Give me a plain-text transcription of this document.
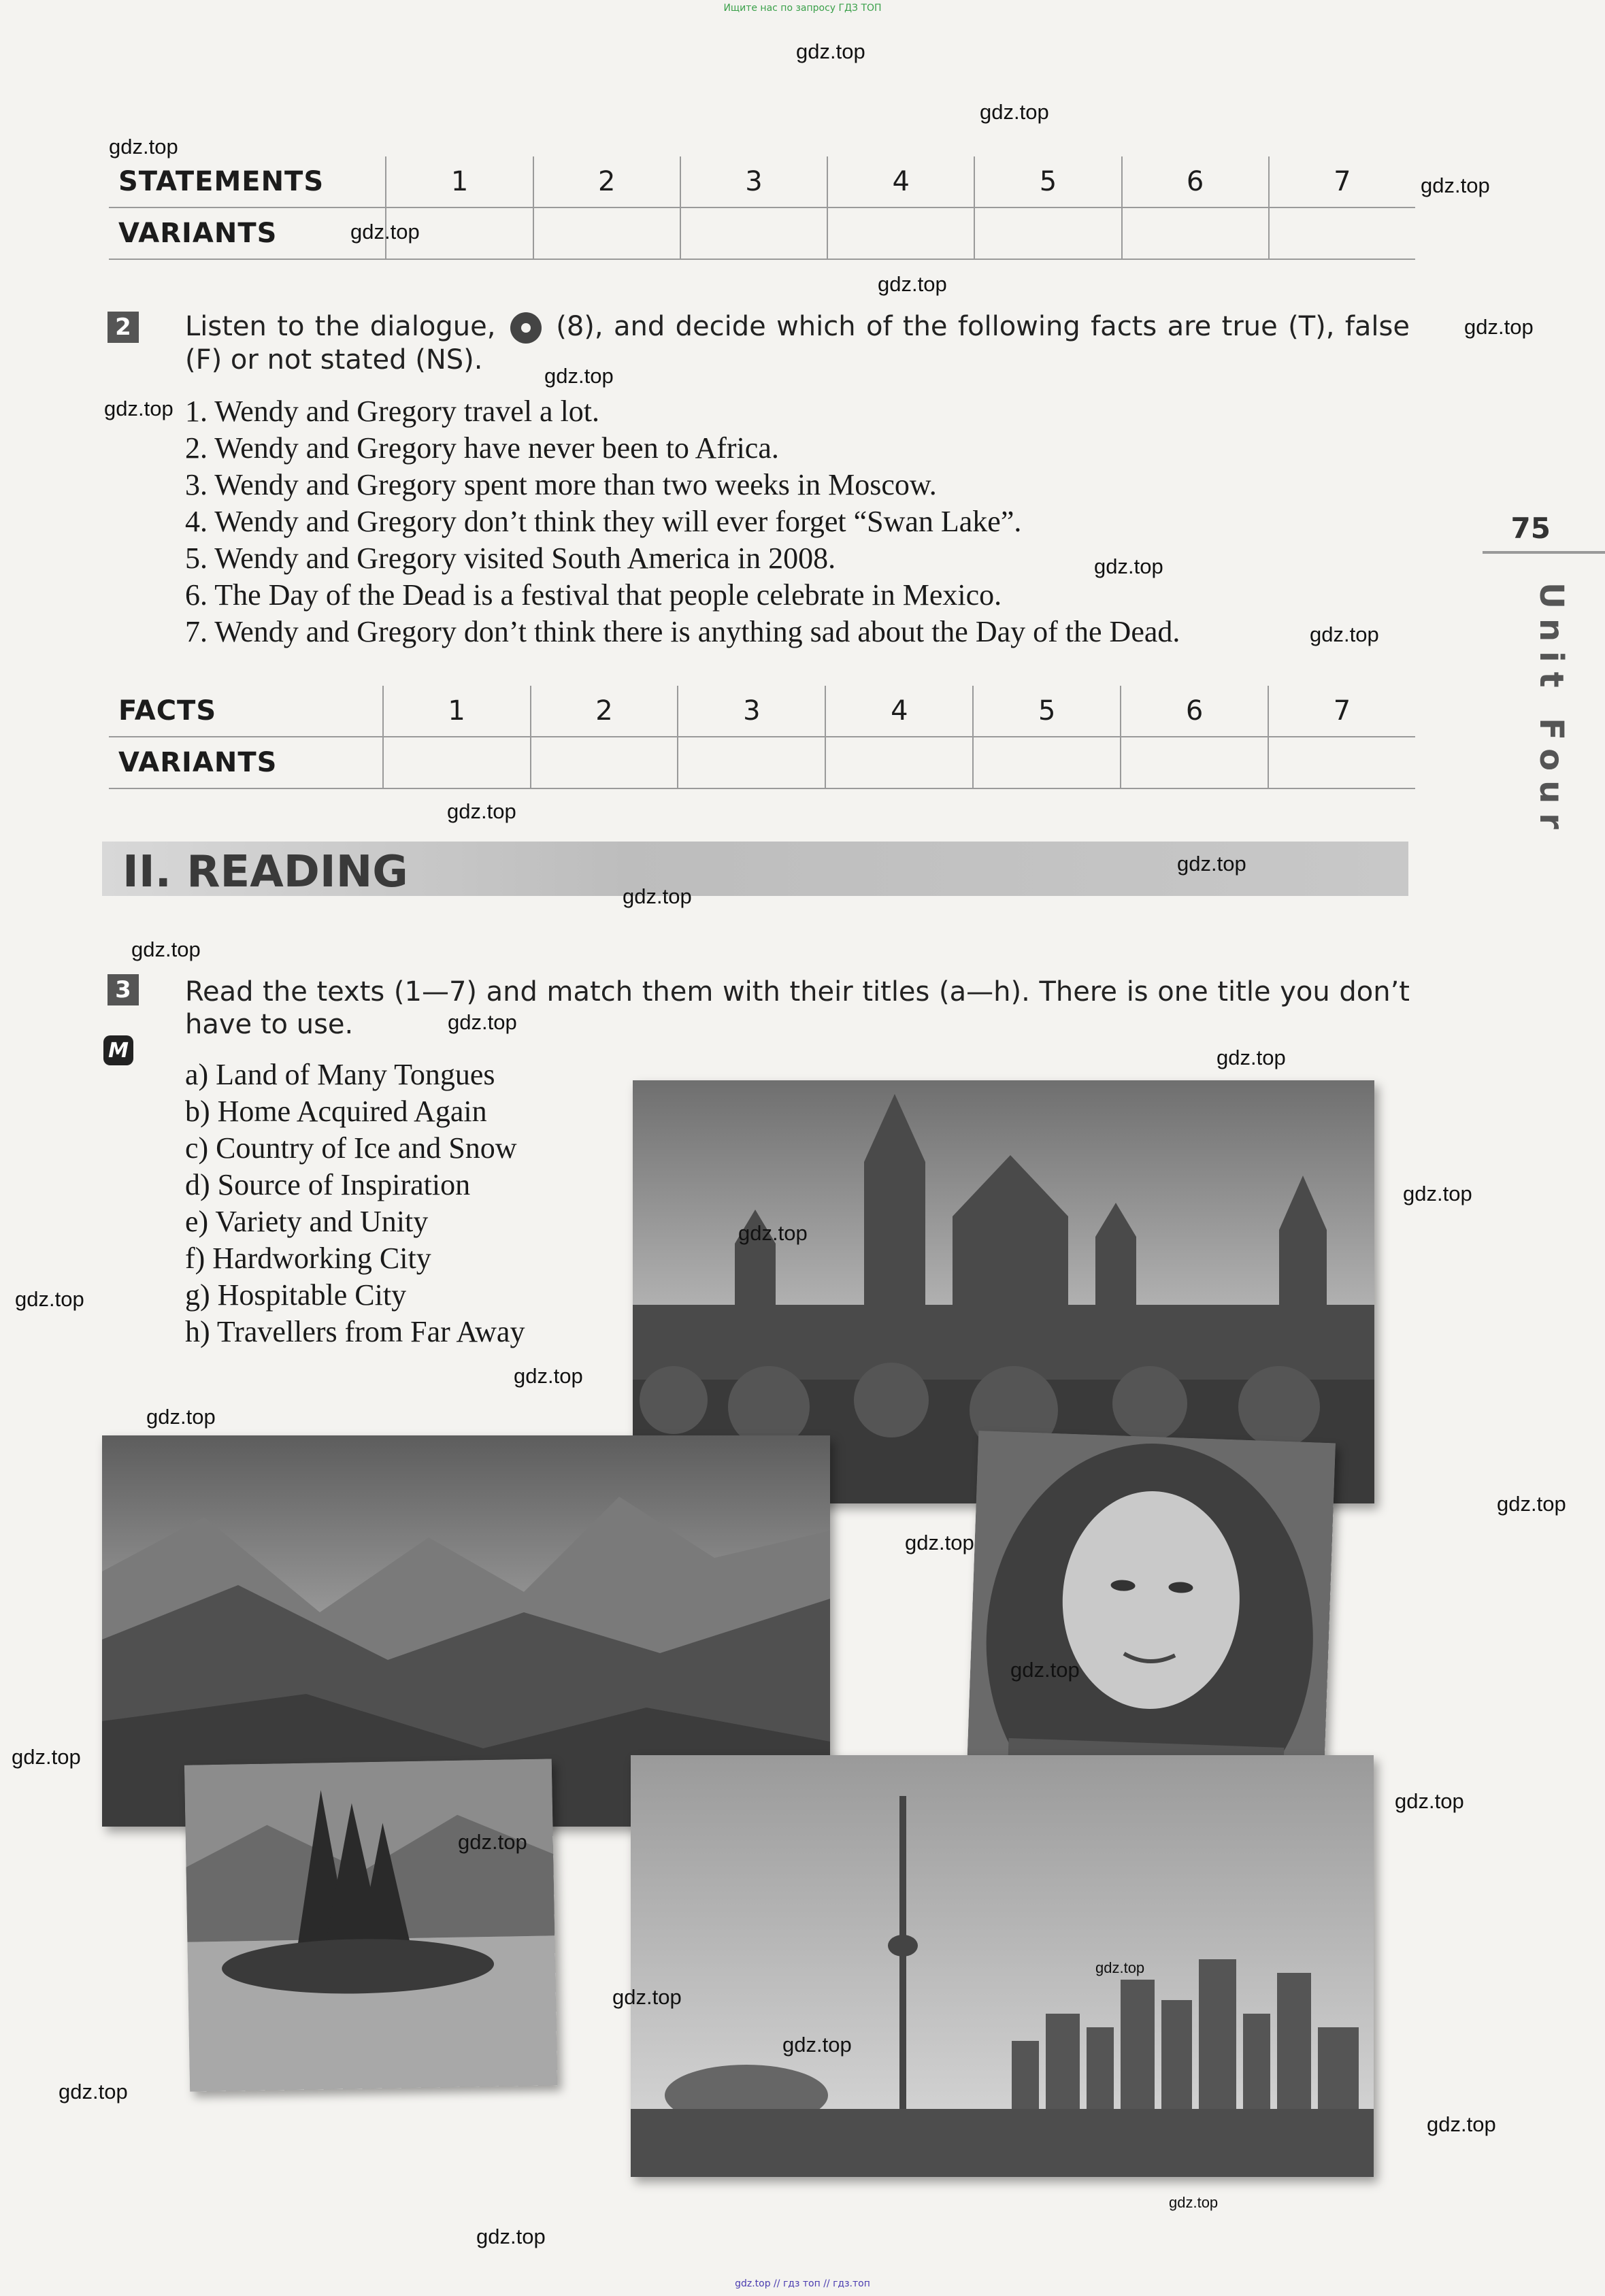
Ищите нас по запросу ГДЗ ТОП
gdz.top // гдз топ // гдз.топ
75
Unit Four
STATEMENTS	1	2	3	4	5	6	7
VARIANTS							
2 Listen to the dialogue, (8), and decide which of the following facts are true (T), false (F) or not stated (NS).
1. Wendy and Gregory travel a lot.
2. Wendy and Gregory have never been to Africa.
3. Wendy and Gregory spent more than two weeks in Moscow.
4. Wendy and Gregory don’t think they will ever forget “Swan Lake”.
5. Wendy and Gregory visited South America in 2008.
6. The Day of the Dead is a festival that people celebrate in Mexico.
7. Wendy and Gregory don’t think there is anything sad about the Day of the Dead.
FACTS	1	2	3	4	5	6	7
VARIANTS							
II. READING
3
M
Read the texts (1—7) and match them with their titles (a—h). There is one title you don’t have to use.
a) Land of Many Tongues
b) Home Acquired Again
c) Country of Ice and Snow
d) Source of Inspiration
e) Variety and Unity
f) Hardworking City
g) Hospitable City
h) Travellers from Far Away
gdz.top
gdz.top
gdz.top
gdz.top
gdz.top
gdz.top
gdz.top
gdz.top
gdz.top
gdz.top
gdz.top
gdz.top
gdz.top
gdz.top
gdz.top
gdz.top
gdz.top
gdz.top
gdz.top
gdz.top
gdz.top
gdz.top
gdz.top
gdz.top
gdz.top
gdz.top
gdz.top
gdz.top
gdz.top
gdz.top
gdz.top
gdz.top
gdz.top
gdz.top
gdz.top
